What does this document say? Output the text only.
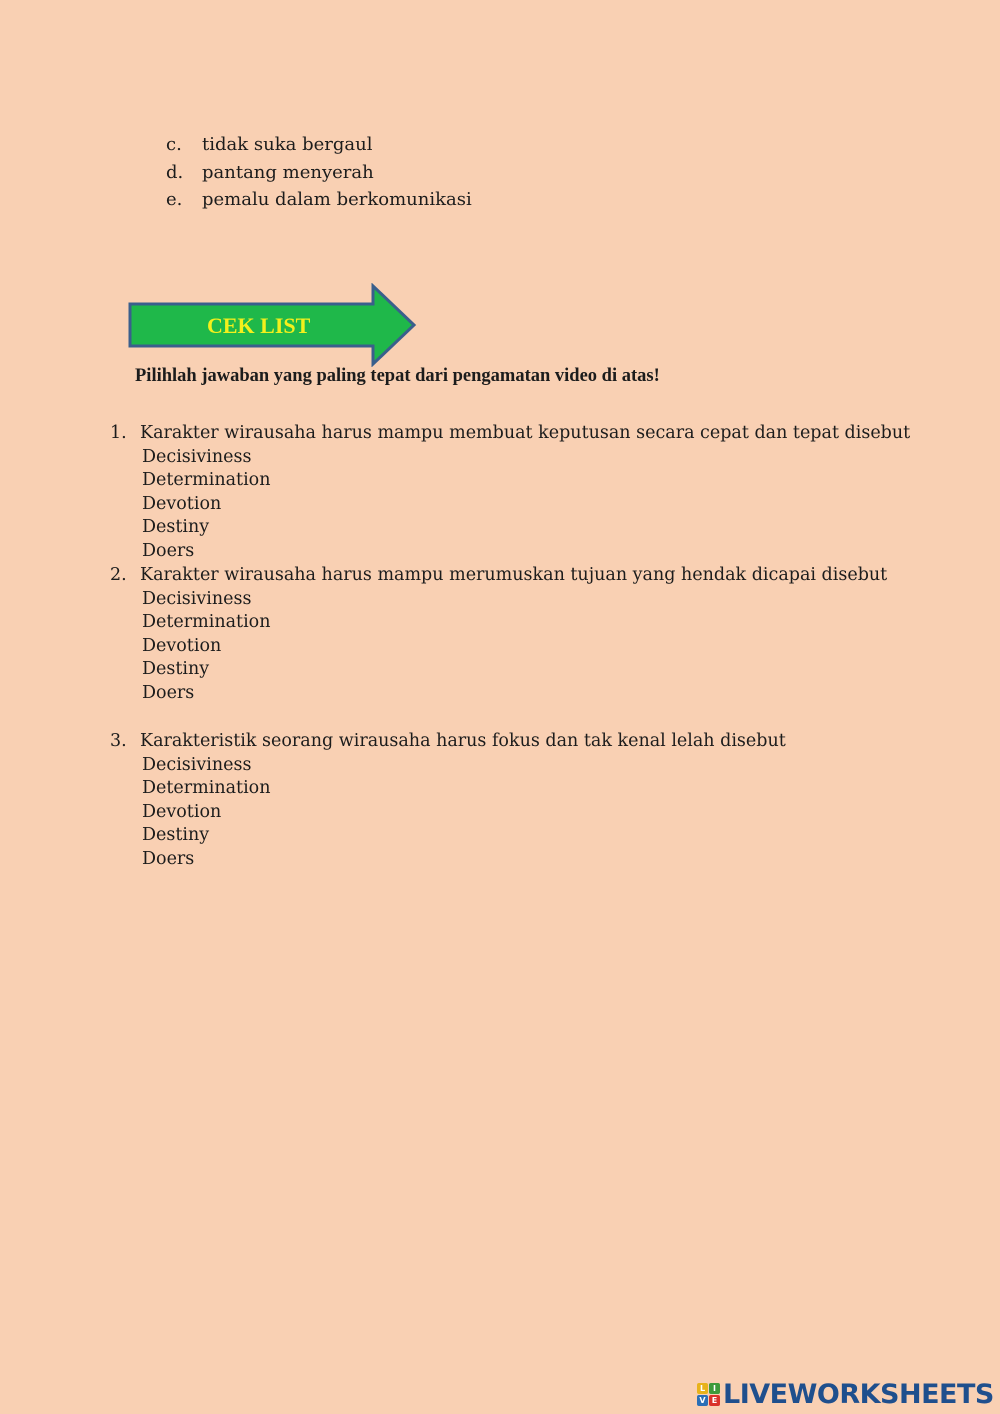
c.	tidak suka bergaul
d.	pantang menyerah
e.	pemalu dalam berkomunikasi
CEK LIST
Pilihlah jawaban yang paling tepat dari pengamatan video di atas!
1. Karakter wirausaha harus mampu membuat keputusan secara cepat dan tepat disebut
Decisiviness
Determination
Devotion
Destiny
Doers
2. Karakter wirausaha harus mampu merumuskan tujuan yang hendak dicapai disebut
Decisiviness
Determination
Devotion
Destiny
Doers
3. Karakteristik seorang wirausaha harus fokus dan tak kenal lelah disebut
Decisiviness
Determination
Devotion
Destiny
Doers
L I
V E LIVEWORKSHEETS
